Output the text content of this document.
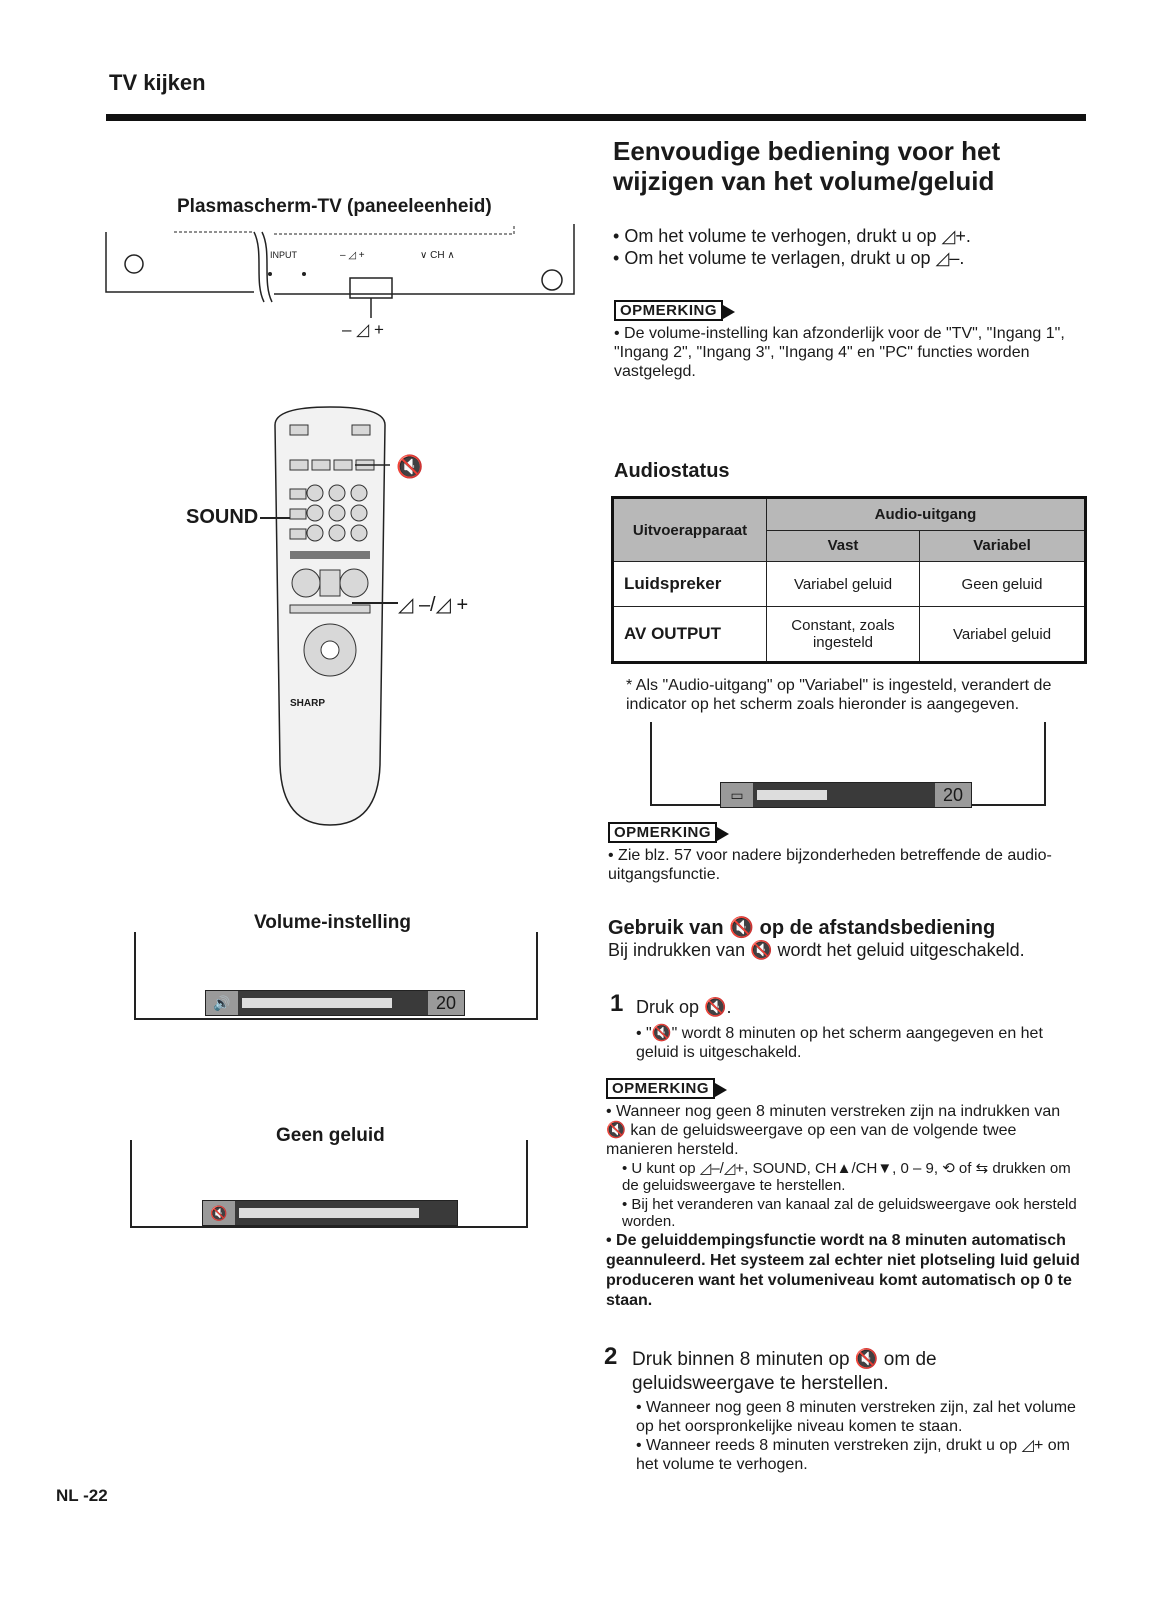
TV kijken
Plasmascherm-TV (paneeleenheid)
INPUT	– ◿ +	∨ CH ∧
– ◿ +
🔇
SOUND
◿ –/◿ +
SHARP
Volume-instelling
🔊	20
Geen geluid
🔇
Eenvoudige bediening voor het wijzigen van het volume/geluid
• Om het volume te verhogen, drukt u op ◿+.
• Om het volume te verlagen, drukt u op ◿–.
OPMERKING
• De volume-instelling kan afzonderlijk voor de "TV", "Ingang 1", "Ingang 2", "Ingang 3", "Ingang 4" en "PC" functies worden vastgelegd.
Audiostatus
Uitvoerapparaat	Audio-uitgang	
	Vast	Variabel
Luidspreker	Variabel geluid	Geen geluid
AV OUTPUT	Constant, zoals ingesteld	Variabel geluid
* Als "Audio-uitgang" op "Variabel" is ingesteld, verandert de indicator op het scherm zoals hieronder is aangegeven.
▭	20
OPMERKING
• Zie blz. 57 voor nadere bijzonderheden betreffende de audio-uitgangsfunctie.
Gebruik van 🔇 op de afstandsbediening
Bij indrukken van 🔇 wordt het geluid uitgeschakeld.
1 Druk op 🔇.
• "🔇" wordt 8 minuten op het scherm aangegeven en het geluid is uitgeschakeld.
OPMERKING
• Wanneer nog geen 8 minuten verstreken zijn na indrukken van 🔇 kan de geluidsweergave op een van de volgende twee manieren hersteld.
• U kunt op ◿–/◿+, SOUND, CH▲/CH▼, 0 – 9, ⟲ of ⇆ drukken om de geluidsweergave te herstellen.
• Bij het veranderen van kanaal zal de geluidsweergave ook hersteld worden.
• De geluiddempingsfunctie wordt na 8 minuten automatisch geannuleerd. Het systeem zal echter niet plotseling luid geluid produceren want het volumeniveau komt automatisch op 0 te staan.
2 Druk binnen 8 minuten op 🔇 om de geluidsweergave te herstellen.
• Wanneer nog geen 8 minuten verstreken zijn, zal het volume op het oorspronkelijke niveau komen te staan.
• Wanneer reeds 8 minuten verstreken zijn, drukt u op ◿+ om het volume te verhogen.
NL -22
